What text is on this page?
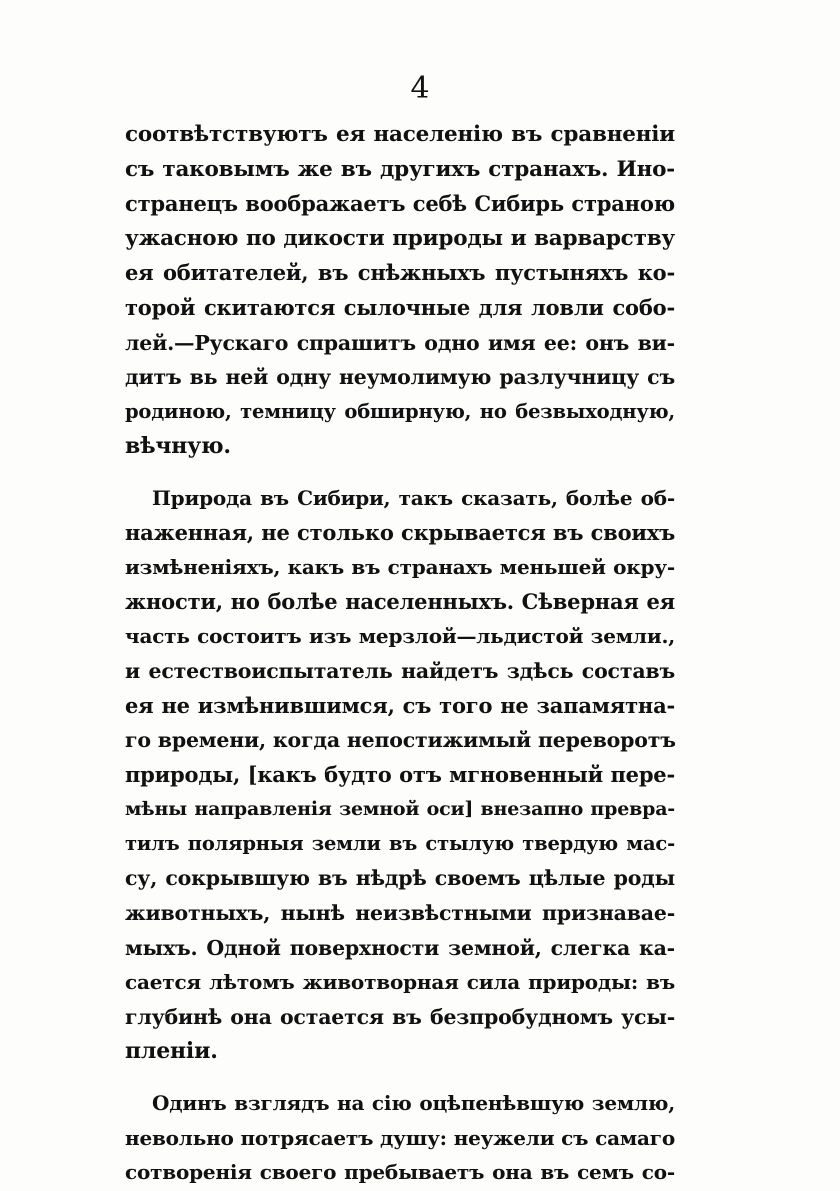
4
соотвѣтствуютъ ея населенію въ сравненіи
съ таковымъ же въ другихъ странахъ. Ино-
странецъ воображаетъ себѣ Сибирь страною
ужасною по дикости природы и варварству
ея обитателей, въ снѣжныхъ пустыняхъ ко-
торой скитаются сылочные для ловли собо-
лей.—Рускаго спрашитъ одно имя ее: онъ ви-
дитъ вь ней одну неумолимую разлучницу съ
родиною, темницу обширную, но безвыходную,
вѣчную.
Природа въ Сибири, такъ сказать, болѣе об-
наженная, не столько скрывается въ своихъ
измѣненіяхъ, какъ въ странахъ меньшей окру-
жности, но болѣе населенныхъ. Сѣверная ея
часть состоитъ изъ мерзлой—льдистой земли.,
и естествоиспытатель найдетъ здѣсь составъ
ея не измѣнившимся, съ того не запамятна-
го времени, когда непостижимый переворотъ
природы, [какъ будто отъ мгновенный пере-
мѣны направленія земной оси] внезапно превра-
тилъ полярныя земли въ стылую твердую мас-
су, сокрывшую въ нѣдрѣ своемъ цѣлые роды
животныхъ, нынѣ неизвѣстными признавае-
мыхъ. Одной поверхности земной, слегка ка-
сается лѣтомъ животворная сила природы: въ
глубинѣ она остается въ безпробудномъ усы-
пленіи.
Одинъ взглядъ на сію оцѣпенѣвшую землю,
невольно потрясаетъ душу: неужели съ самаго
сотворенія своего пребываетъ она въ семъ со-
